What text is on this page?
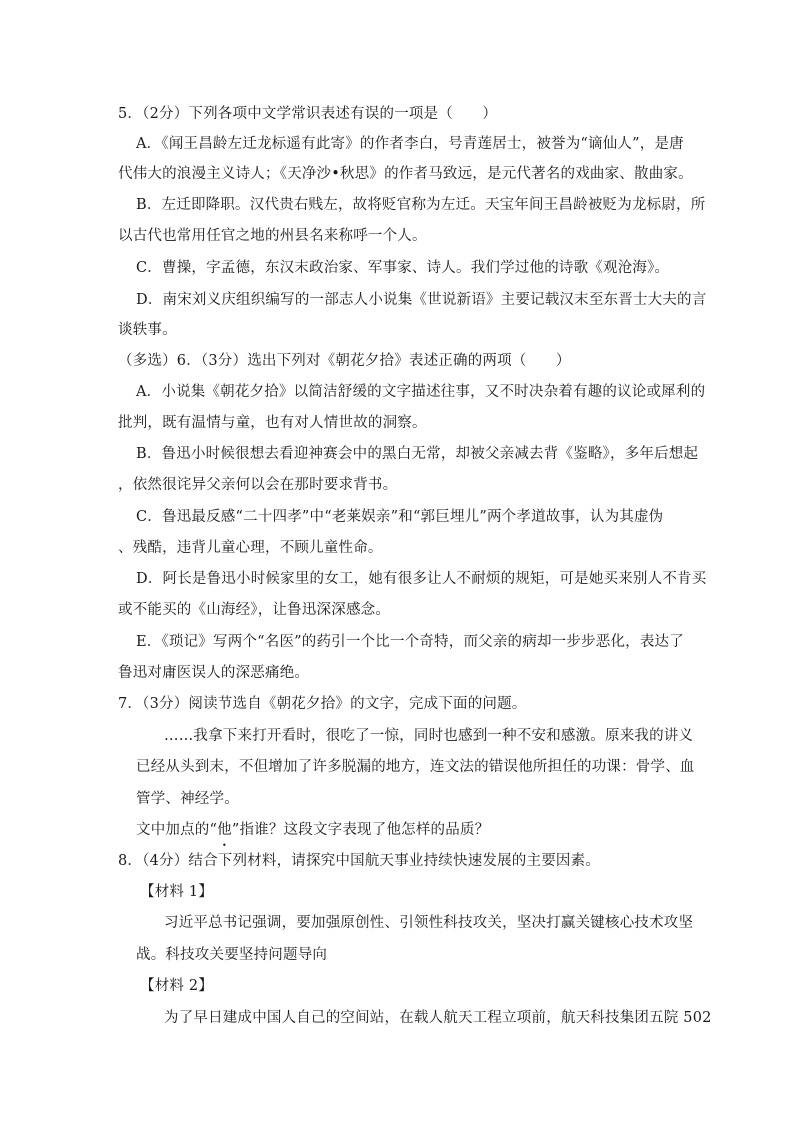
5．（2分）下列各项中文学常识表述有误的一项是（　　）
A．《闻王昌龄左迁龙标遥有此寄》的作者李白，号青莲居士，被誉为“谪仙人”，是唐
代伟大的浪漫主义诗人；《天净沙•秋思》的作者马致远，是元代著名的戏曲家、散曲家。
B．左迁即降职。汉代贵右贱左，故将贬官称为左迁。天宝年间王昌龄被贬为龙标尉，所
以古代也常用任官之地的州县名来称呼一个人。
C．曹操，字孟德，东汉末政治家、军事家、诗人。我们学过他的诗歌《观沧海》。
D．南宋刘义庆组织编写的一部志人小说集《世说新语》主要记载汉末至东晋士大夫的言
谈轶事。
（多选）6．（3分）选出下列对《朝花夕拾》表述正确的两项（　　）
A．小说集《朝花夕拾》以简洁舒缓的文字描述往事，又不时决杂着有趣的议论或犀利的
批判，既有温情与童，也有对人情世故的洞察。
B．鲁迅小时候很想去看迎神赛会中的黑白无常，却被父亲减去背《鉴略》，多年后想起
，依然很诧异父亲何以会在那时要求背书。
C．鲁迅最反感“二十四孝”中“老莱娱亲”和“郭巨埋儿”两个孝道故事，认为其虚伪
、残酷，违背儿童心理，不顾儿童性命。
D．阿长是鲁迅小时候家里的女工，她有很多让人不耐烦的规矩，可是她买来别人不肯买
或不能买的《山海经》，让鲁迅深深感念。
E．《琐记》写两个“名医”的药引一个比一个奇特，而父亲的病却一步步恶化，表达了
鲁迅对庸医误人的深恶痛绝。
7．（3分）阅读节选自《朝花夕拾》的文字，完成下面的问题。
……我拿下来打开看时，很吃了一惊，同时也感到一种不安和感激。原来我的讲义
已经从头到末，不但增加了许多脱漏的地方，连文法的错误他所担任的功课：骨学、血
管学、神经学。
文中加点的“他”指谁？这段文字表现了他怎样的品质？
8．（4分）结合下列材料，请探究中国航天事业持续快速发展的主要因素。
【材料 1】
习近平总书记强调，要加强原创性、引领性科技攻关，坚决打赢关键核心技术攻坚
战。科技攻关要坚持问题导向
【材料 2】
为了早日建成中国人自己的空间站，在载人航天工程立项前，航天科技集团五院 502
